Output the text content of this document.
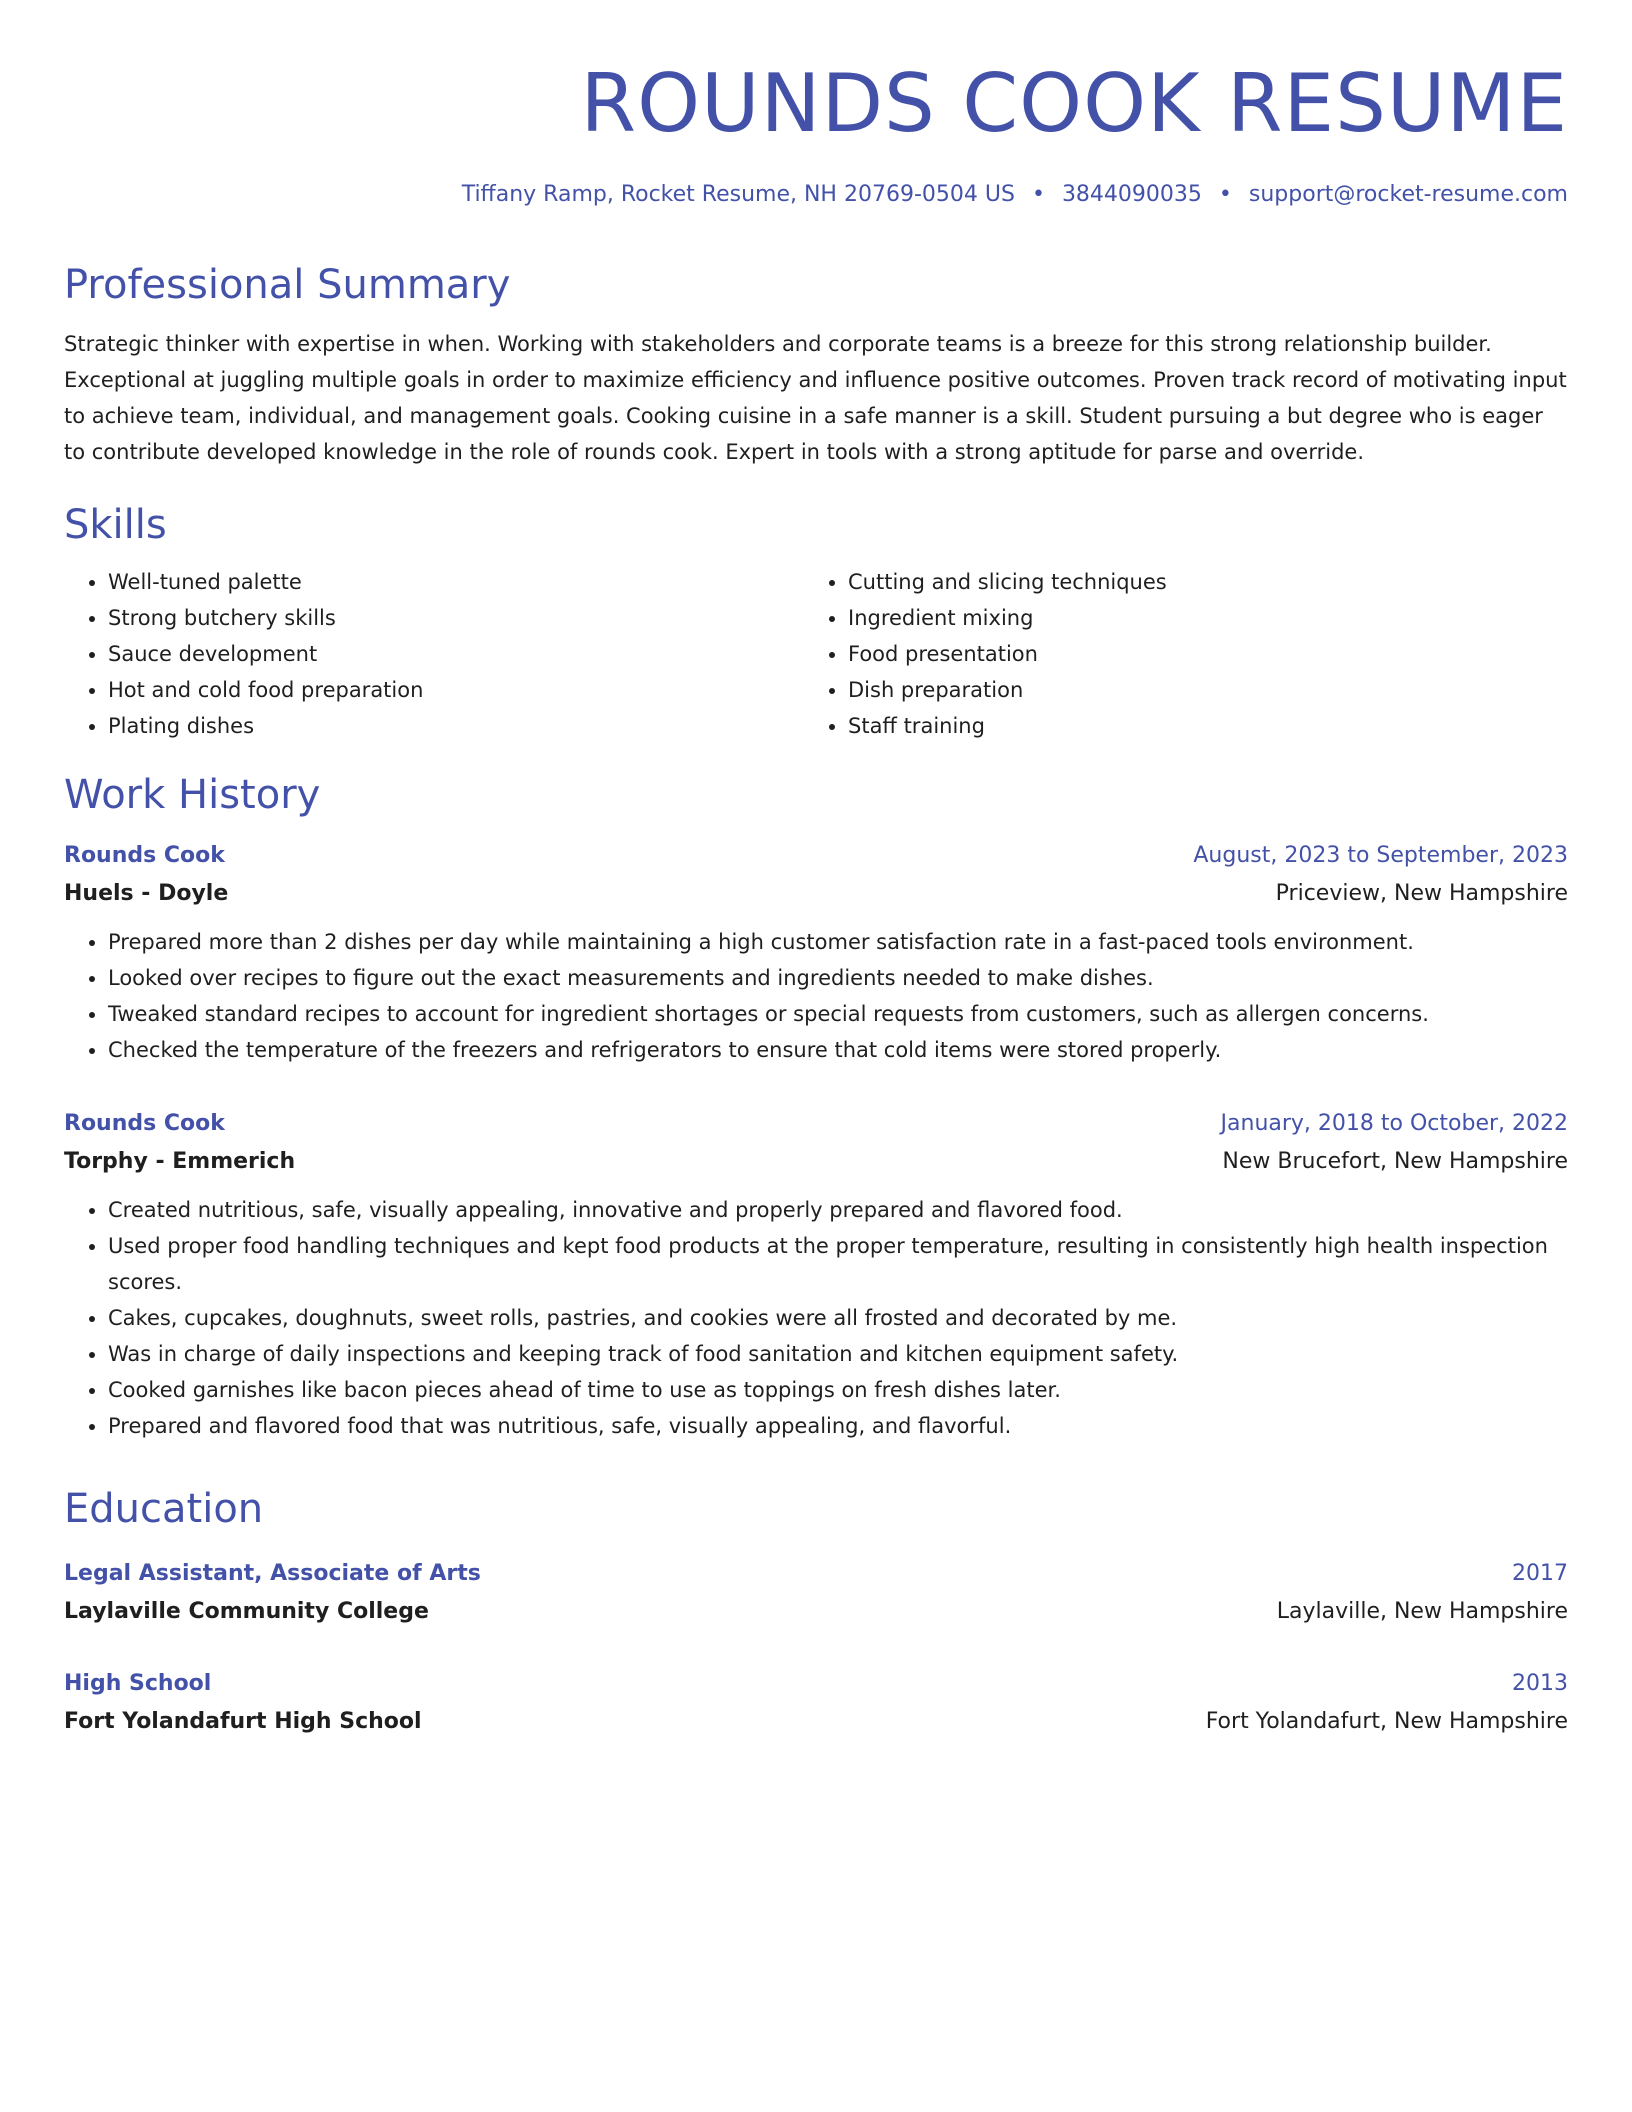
ROUNDS COOK RESUME
Tiffany Ramp, Rocket Resume, NH 20769-0504 US • 3844090035 • support@rocket-resume.com
Professional Summary
Strategic thinker with expertise in when. Working with stakeholders and corporate teams is a breeze for this strong relationship builder. Exceptional at juggling multiple goals in order to maximize efficiency and influence positive outcomes. Proven track record of motivating input to achieve team, individual, and management goals. Cooking cuisine in a safe manner is a skill. Student pursuing a but degree who is eager to contribute developed knowledge in the role of rounds cook. Expert in tools with a strong aptitude for parse and override.
Skills
• Well-tuned palette
• Strong butchery skills
• Sauce development
• Hot and cold food preparation
• Plating dishes
• Cutting and slicing techniques
• Ingredient mixing
• Food presentation
• Dish preparation
• Staff training
Work History
Rounds Cook	August, 2023 to September, 2023
Huels - Doyle	Priceview, New Hampshire
• Prepared more than 2 dishes per day while maintaining a high customer satisfaction rate in a fast-paced tools environment.
• Looked over recipes to figure out the exact measurements and ingredients needed to make dishes.
• Tweaked standard recipes to account for ingredient shortages or special requests from customers, such as allergen concerns.
• Checked the temperature of the freezers and refrigerators to ensure that cold items were stored properly.
Rounds Cook	January, 2018 to October, 2022
Torphy - Emmerich	New Brucefort, New Hampshire
• Created nutritious, safe, visually appealing, innovative and properly prepared and flavored food.
• Used proper food handling techniques and kept food products at the proper temperature, resulting in consistently high health inspection scores.
• Cakes, cupcakes, doughnuts, sweet rolls, pastries, and cookies were all frosted and decorated by me.
• Was in charge of daily inspections and keeping track of food sanitation and kitchen equipment safety.
• Cooked garnishes like bacon pieces ahead of time to use as toppings on fresh dishes later.
• Prepared and flavored food that was nutritious, safe, visually appealing, and flavorful.
Education
Legal Assistant, Associate of Arts	2017
Laylaville Community College	Laylaville, New Hampshire
High School	2013
Fort Yolandafurt High School	Fort Yolandafurt, New Hampshire
